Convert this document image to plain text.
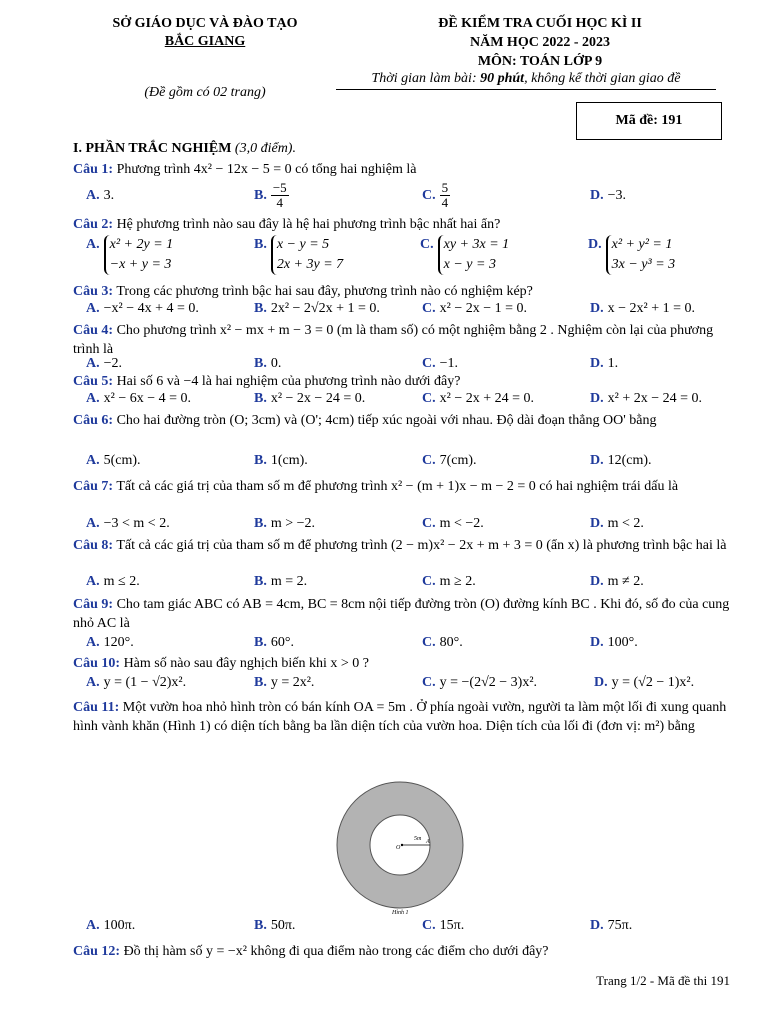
SỞ GIÁO DỤC VÀ ĐÀO TẠO
BẮC GIANG
(Đề gồm có 02 trang)
ĐỀ KIỂM TRA CUỐI HỌC KÌ II
NĂM HỌC 2022 - 2023
MÔN: TOÁN LỚP 9
Thời gian làm bài: 90 phút, không kể thời gian giao đề
Mã đề: 191
I. PHẦN TRẮC NGHIỆM (3,0 điểm).
Câu 1: Phương trình 4x² − 12x − 5 = 0 có tổng hai nghiệm là
A. 3.	B. $\frac{-5}{4}$	C. $\frac{5}{4}$	D. −3.
Câu 2: Hệ phương trình nào sau đây là hệ hai phương trình bậc nhất hai ẩn?
A. x² + 2y = 1
−x + y = 3
B. x − y = 5
2x + 3y = 7
C. xy + 3x = 1
x − y = 3
D. x² + y² = 1
3x − y³ = 3
Câu 3: Trong các phương trình bậc hai sau đây, phương trình nào có nghiệm kép?
A. −x² − 4x + 4 = 0.	B. 2x² − 2√2x + 1 = 0.	C. x² − 2x − 1 = 0.	D. x − 2x² + 1 = 0.
Câu 4: Cho phương trình x² − mx + m − 3 = 0 (m là tham số) có một nghiệm bằng 2 . Nghiệm còn lại của phương trình là
A. −2.	B. 0.	C. −1.	D. 1.
Câu 5: Hai số 6 và −4 là hai nghiệm của phương trình nào dưới đây?
A. x² − 6x − 4 = 0.	B. x² − 2x − 24 = 0.	C. x² − 2x + 24 = 0.	D. x² + 2x − 24 = 0.
Câu 6: Cho hai đường tròn (O; 3cm) và (O'; 4cm) tiếp xúc ngoài với nhau. Độ dài đoạn thẳng OO' bằng
A. 5(cm).	B. 1(cm).	C. 7(cm).	D. 12(cm).
Câu 7: Tất cả các giá trị của tham số m để phương trình x² − (m + 1)x − m − 2 = 0 có hai nghiệm trái dấu là
A. −3 < m < 2.	B. m > −2.	C. m < −2.	D. m < 2.
Câu 8: Tất cả các giá trị của tham số m để phương trình (2 − m)x² − 2x + m + 3 = 0 (ẩn x) là phương trình bậc hai là
A. m ≤ 2.	B. m = 2.	C. m ≥ 2.	D. m ≠ 2.
Câu 9: Cho tam giác ABC có AB = 4cm, BC = 8cm nội tiếp đường tròn (O) đường kính BC . Khi đó, số đo của cung nhỏ AC là
A. 120°.	B. 60°.	C. 80°.	D. 100°.
Câu 10: Hàm số nào sau đây nghịch biến khi x > 0 ?
A. y = (1 − √2)x².	B. y = 2x².	C. y = −(2√2 − 3)x².	D. y = (√2 − 1)x².
Câu 11: Một vườn hoa nhỏ hình tròn có bán kính OA = 5m . Ở phía ngoài vườn, người ta làm một lối đi xung quanh hình vành khăn (Hình 1) có diện tích bằng ba lần diện tích của vườn hoa. Diện tích của lối đi (đơn vị: m²) bằng
5m
O
A
Hình 1
A. 100π.	B. 50π.	C. 15π.	D. 75π.
Câu 12: Đồ thị hàm số y = −x² không đi qua điểm nào trong các điểm cho dưới đây?
Trang 1/2 - Mã đề thi 191
